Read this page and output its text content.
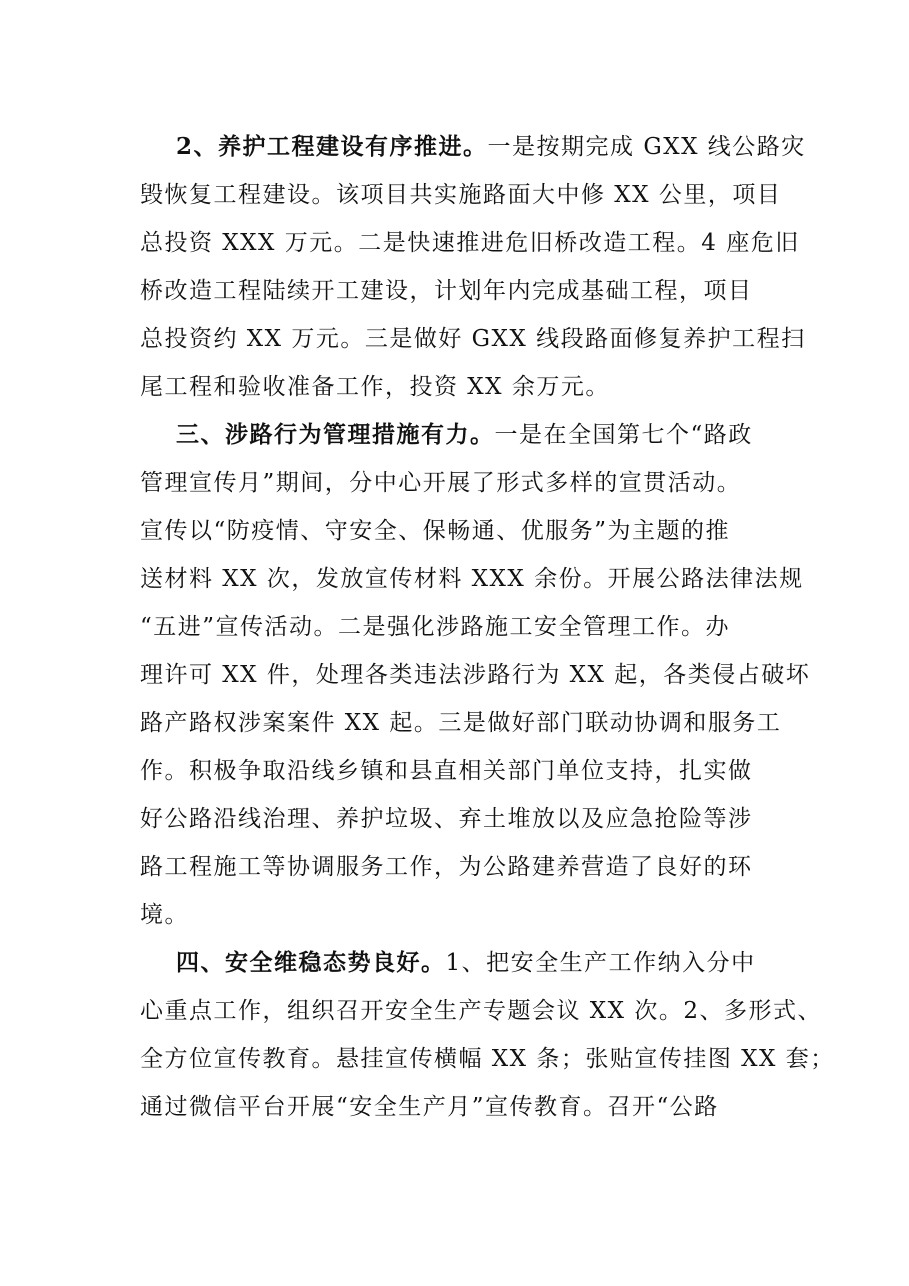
2、养护工程建设有序推进。一是按期完成 GXX 线公路灾
毁恢复工程建设。该项目共实施路面大中修 XX 公里，项目
总投资 XXX 万元。二是快速推进危旧桥改造工程。4 座危旧
桥改造工程陆续开工建设，计划年内完成基础工程，项目
总投资约 XX 万元。三是做好 GXX 线段路面修复养护工程扫
尾工程和验收准备工作，投资 XX 余万元。
三、涉路行为管理措施有力。一是在全国第七个“路政
管理宣传月”期间，分中心开展了形式多样的宣贯活动。
宣传以“防疫情、守安全、保畅通、优服务”为主题的推
送材料 XX 次，发放宣传材料 XXX 余份。开展公路法律法规
“五进”宣传活动。二是强化涉路施工安全管理工作。办
理许可 XX 件，处理各类违法涉路行为 XX 起，各类侵占破坏
路产路权涉案案件 XX 起。三是做好部门联动协调和服务工
作。积极争取沿线乡镇和县直相关部门单位支持，扎实做
好公路沿线治理、养护垃圾、弃土堆放以及应急抢险等涉
路工程施工等协调服务工作，为公路建养营造了良好的环
境。
四、安全维稳态势良好。1、把安全生产工作纳入分中
心重点工作，组织召开安全生产专题会议 XX 次。2、多形式、
全方位宣传教育。悬挂宣传横幅 XX 条；张贴宣传挂图 XX 套；
通过微信平台开展“安全生产月”宣传教育。召开“公路
